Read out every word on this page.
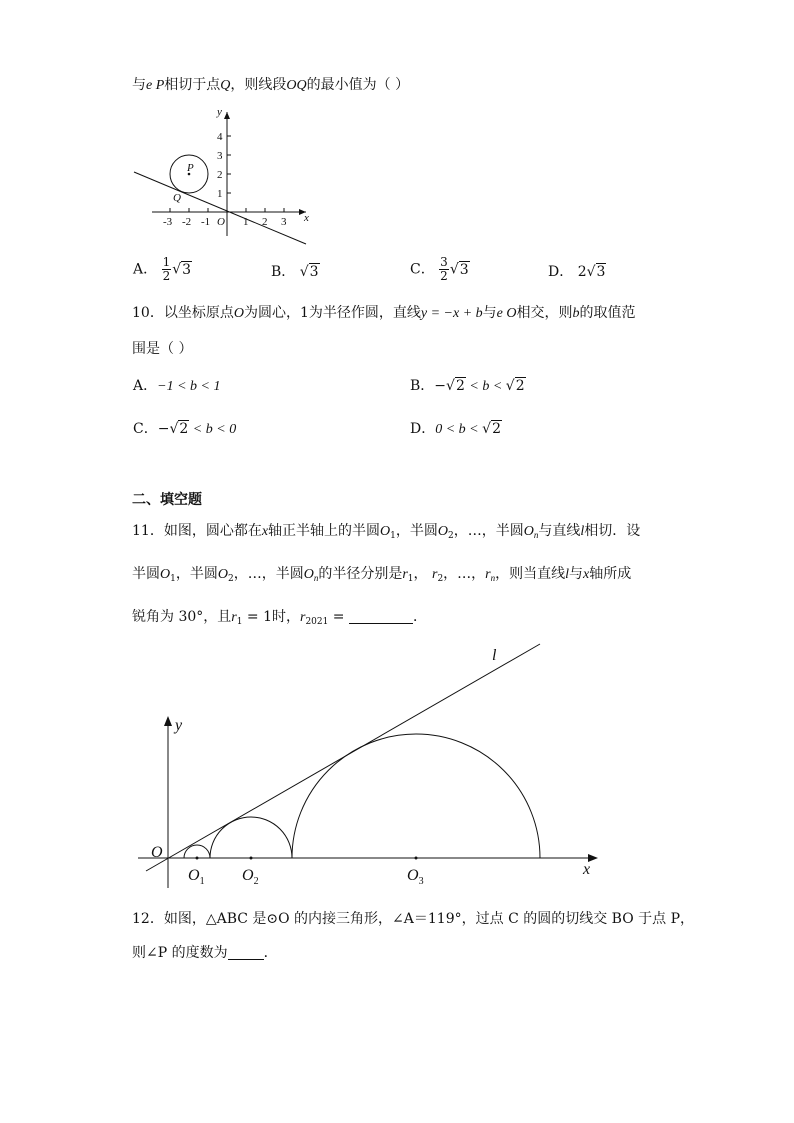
与e P相切于点Q，则线段OQ的最小值为（ ）
y
x
P
Q
O
4
3
2
1
-3 -2 -1	1 2 3
A． $\frac{1}{2} √3$	B． √3	C． $\frac{3}{2} √3$	D． 2√3
10．以坐标原点O为圆心，1为半径作圆，直线y = −x + b与e O相交，则b的取值范
围是（ ）
A．−1 < b < 1	B．−√2 < b < √2
C．−√2 < b < 0	D．0 < b < √2
二、填空题
11．如图，圆心都在x轴正半轴上的半圆$O_1$，半圆$O_2$，…，半圆$O_n$与直线l相切．设
半圆$O_1$，半圆$O_2$，…，半圆$O_n$的半径分别是$r_1$， $r_2$，…，$r_n$，则当直线l与x轴所成
锐角为 30°，且$r_1 = 1$时，$r_{2021}$ =	．
l
y
O
x
$O_1$ $O_2$	$O_3$
12．如图，△ABC 是⊙O 的内接三角形，∠A＝119°，过点 C 的圆的切线交 BO 于点 P，
则∠P 的度数为	．
